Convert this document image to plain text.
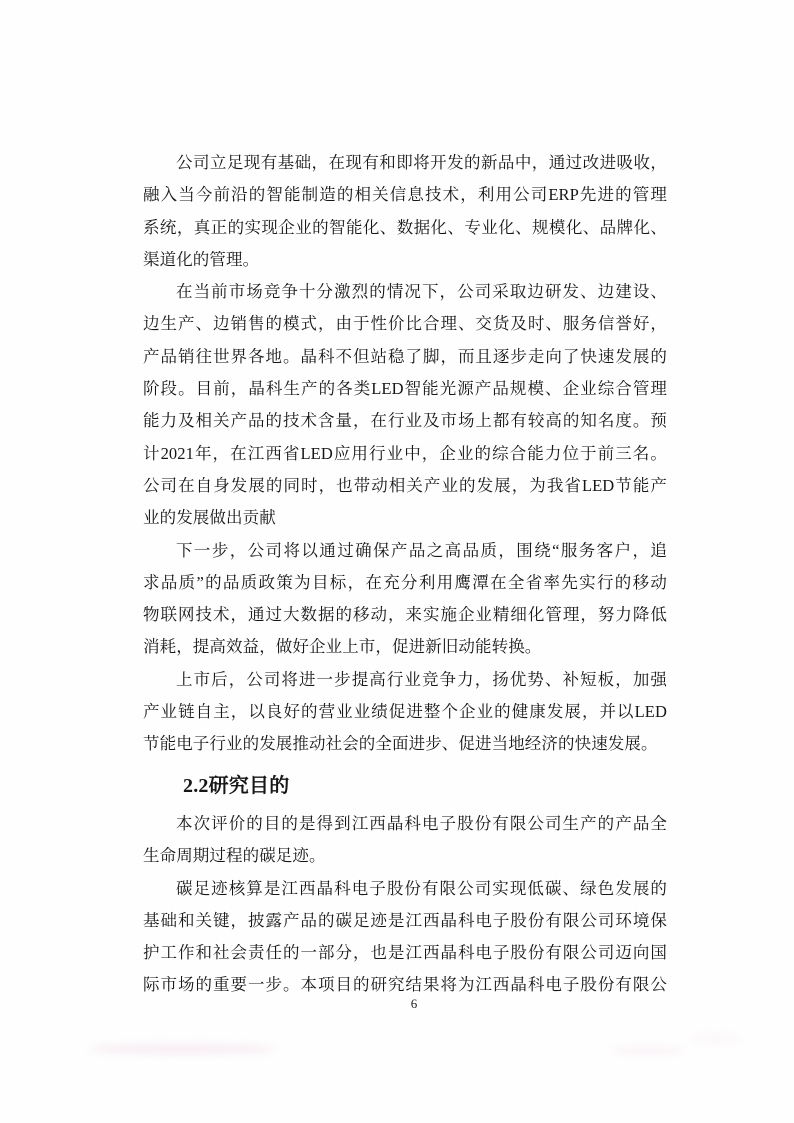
公司立足现有基础，在现有和即将开发的新品中，通过改进吸收，
融入当今前沿的智能制造的相关信息技术，利用公司ERP先进的管理
系统，真正的实现企业的智能化、数据化、专业化、规模化、品牌化、
渠道化的管理。
在当前市场竞争十分激烈的情况下，公司采取边研发、边建设、
边生产、边销售的模式，由于性价比合理、交货及时、服务信誉好，
产品销往世界各地。晶科不但站稳了脚，而且逐步走向了快速发展的
阶段。目前，晶科生产的各类LED智能光源产品规模、企业综合管理
能力及相关产品的技术含量，在行业及市场上都有较高的知名度。预
计2021年，在江西省LED应用行业中，企业的综合能力位于前三名。
公司在自身发展的同时，也带动相关产业的发展，为我省LED节能产
业的发展做出贡献
下一步，公司将以通过确保产品之高品质，围绕“服务客户，追
求品质”的品质政策为目标，在充分利用鹰潭在全省率先实行的移动
物联网技术，通过大数据的移动，来实施企业精细化管理，努力降低
消耗，提高效益，做好企业上市，促进新旧动能转换。
上市后，公司将进一步提高行业竞争力，扬优势、补短板，加强
产业链自主，以良好的营业业绩促进整个企业的健康发展，并以LED
节能电子行业的发展推动社会的全面进步、促进当地经济的快速发展。
2.2研究目的
本次评价的目的是得到江西晶科电子股份有限公司生产的产品全
生命周期过程的碳足迹。
碳足迹核算是江西晶科电子股份有限公司实现低碳、绿色发展的
基础和关键，披露产品的碳足迹是江西晶科电子股份有限公司环境保
护工作和社会责任的一部分，也是江西晶科电子股份有限公司迈向国
际市场的重要一步。本项目的研究结果将为江西晶科电子股份有限公
6
